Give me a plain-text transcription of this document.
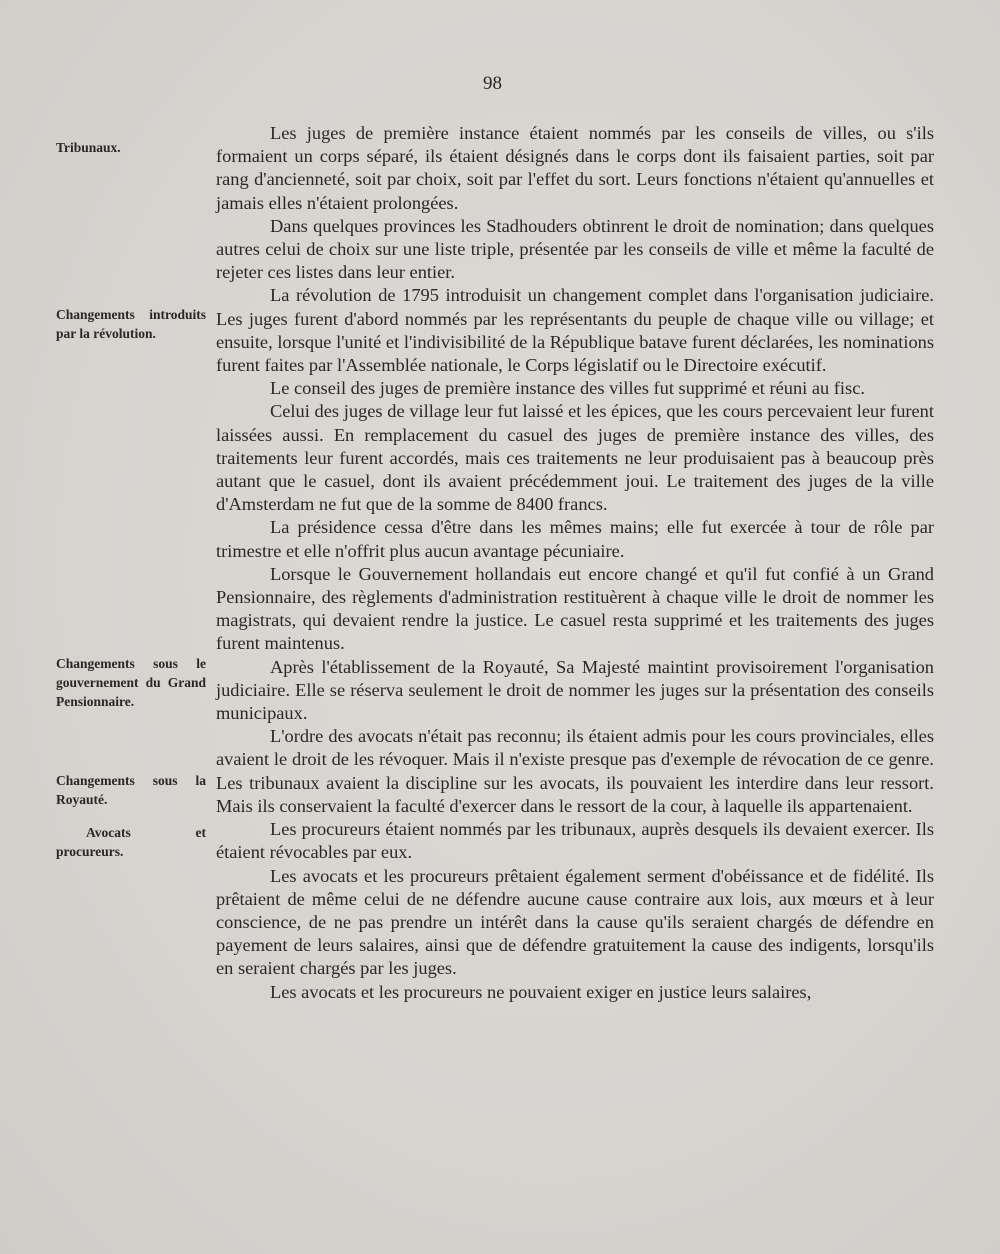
98
Tribunaux.
Changements introduits par la révolution.
Changements sous le gouvernement du Grand Pensionnaire.
Changements sous la Royauté.
Avocats et procureurs.

Les juges de première instance étaient nommés par les conseils de villes, ou s'ils formaient un corps séparé, ils étaient désignés dans le corps dont ils faisaient parties, soit par rang d'ancienneté, soit par choix, soit par l'effet du sort. Leurs fonctions n'étaient qu'annuelles et jamais elles n'étaient prolongées.

Dans quelques provinces les Stadhouders obtinrent le droit de nomination; dans quelques autres celui de choix sur une liste triple, présentée par les conseils de ville et même la faculté de rejeter ces listes dans leur entier.

La révolution de 1795 introduisit un changement complet dans l'organisation judiciaire. Les juges furent d'abord nommés par les représentants du peuple de chaque ville ou village; et ensuite, lorsque l'unité et l'indivisibilité de la République batave furent déclarées, les nominations furent faites par l'Assemblée nationale, le Corps législatif ou le Directoire exécutif.

Le conseil des juges de première instance des villes fut supprimé et réuni au fisc.

Celui des juges de village leur fut laissé et les épices, que les cours percevaient leur furent laissées aussi. En remplacement du casuel des juges de première instance des villes, des traitements leur furent accordés, mais ces traitements ne leur produisaient pas à beaucoup près autant que le casuel, dont ils avaient précédemment joui. Le traitement des juges de la ville d'Amsterdam ne fut que de la somme de 8400 francs.

La présidence cessa d'être dans les mêmes mains; elle fut exercée à tour de rôle par trimestre et elle n'offrit plus aucun avantage pécuniaire.

Lorsque le Gouvernement hollandais eut encore changé et qu'il fut confié à un Grand Pensionnaire, des règlements d'administration restituèrent à chaque ville le droit de nommer les magistrats, qui devaient rendre la justice. Le casuel resta supprimé et les traitements des juges furent maintenus.

Après l'établissement de la Royauté, Sa Majesté maintint provisoirement l'organisation judiciaire. Elle se réserva seulement le droit de nommer les juges sur la présentation des conseils municipaux.

L'ordre des avocats n'était pas reconnu; ils étaient admis pour les cours provinciales, elles avaient le droit de les révoquer. Mais il n'existe presque pas d'exemple de révocation de ce genre. Les tribunaux avaient la discipline sur les avocats, ils pouvaient les interdire dans leur ressort. Mais ils conservaient la faculté d'exercer dans le ressort de la cour, à laquelle ils appartenaient.

Les procureurs étaient nommés par les tribunaux, auprès desquels ils devaient exercer. Ils étaient révocables par eux.

Les avocats et les procureurs prêtaient également serment d'obéissance et de fidélité. Ils prêtaient de même celui de ne défendre aucune cause contraire aux lois, aux mœurs et à leur conscience, de ne pas prendre un intérêt dans la cause qu'ils seraient chargés de défendre en payement de leurs salaires, ainsi que de défendre gratuitement la cause des indigents, lorsqu'ils en seraient chargés par les juges.

Les avocats et les procureurs ne pouvaient exiger en justice leurs salaires,
